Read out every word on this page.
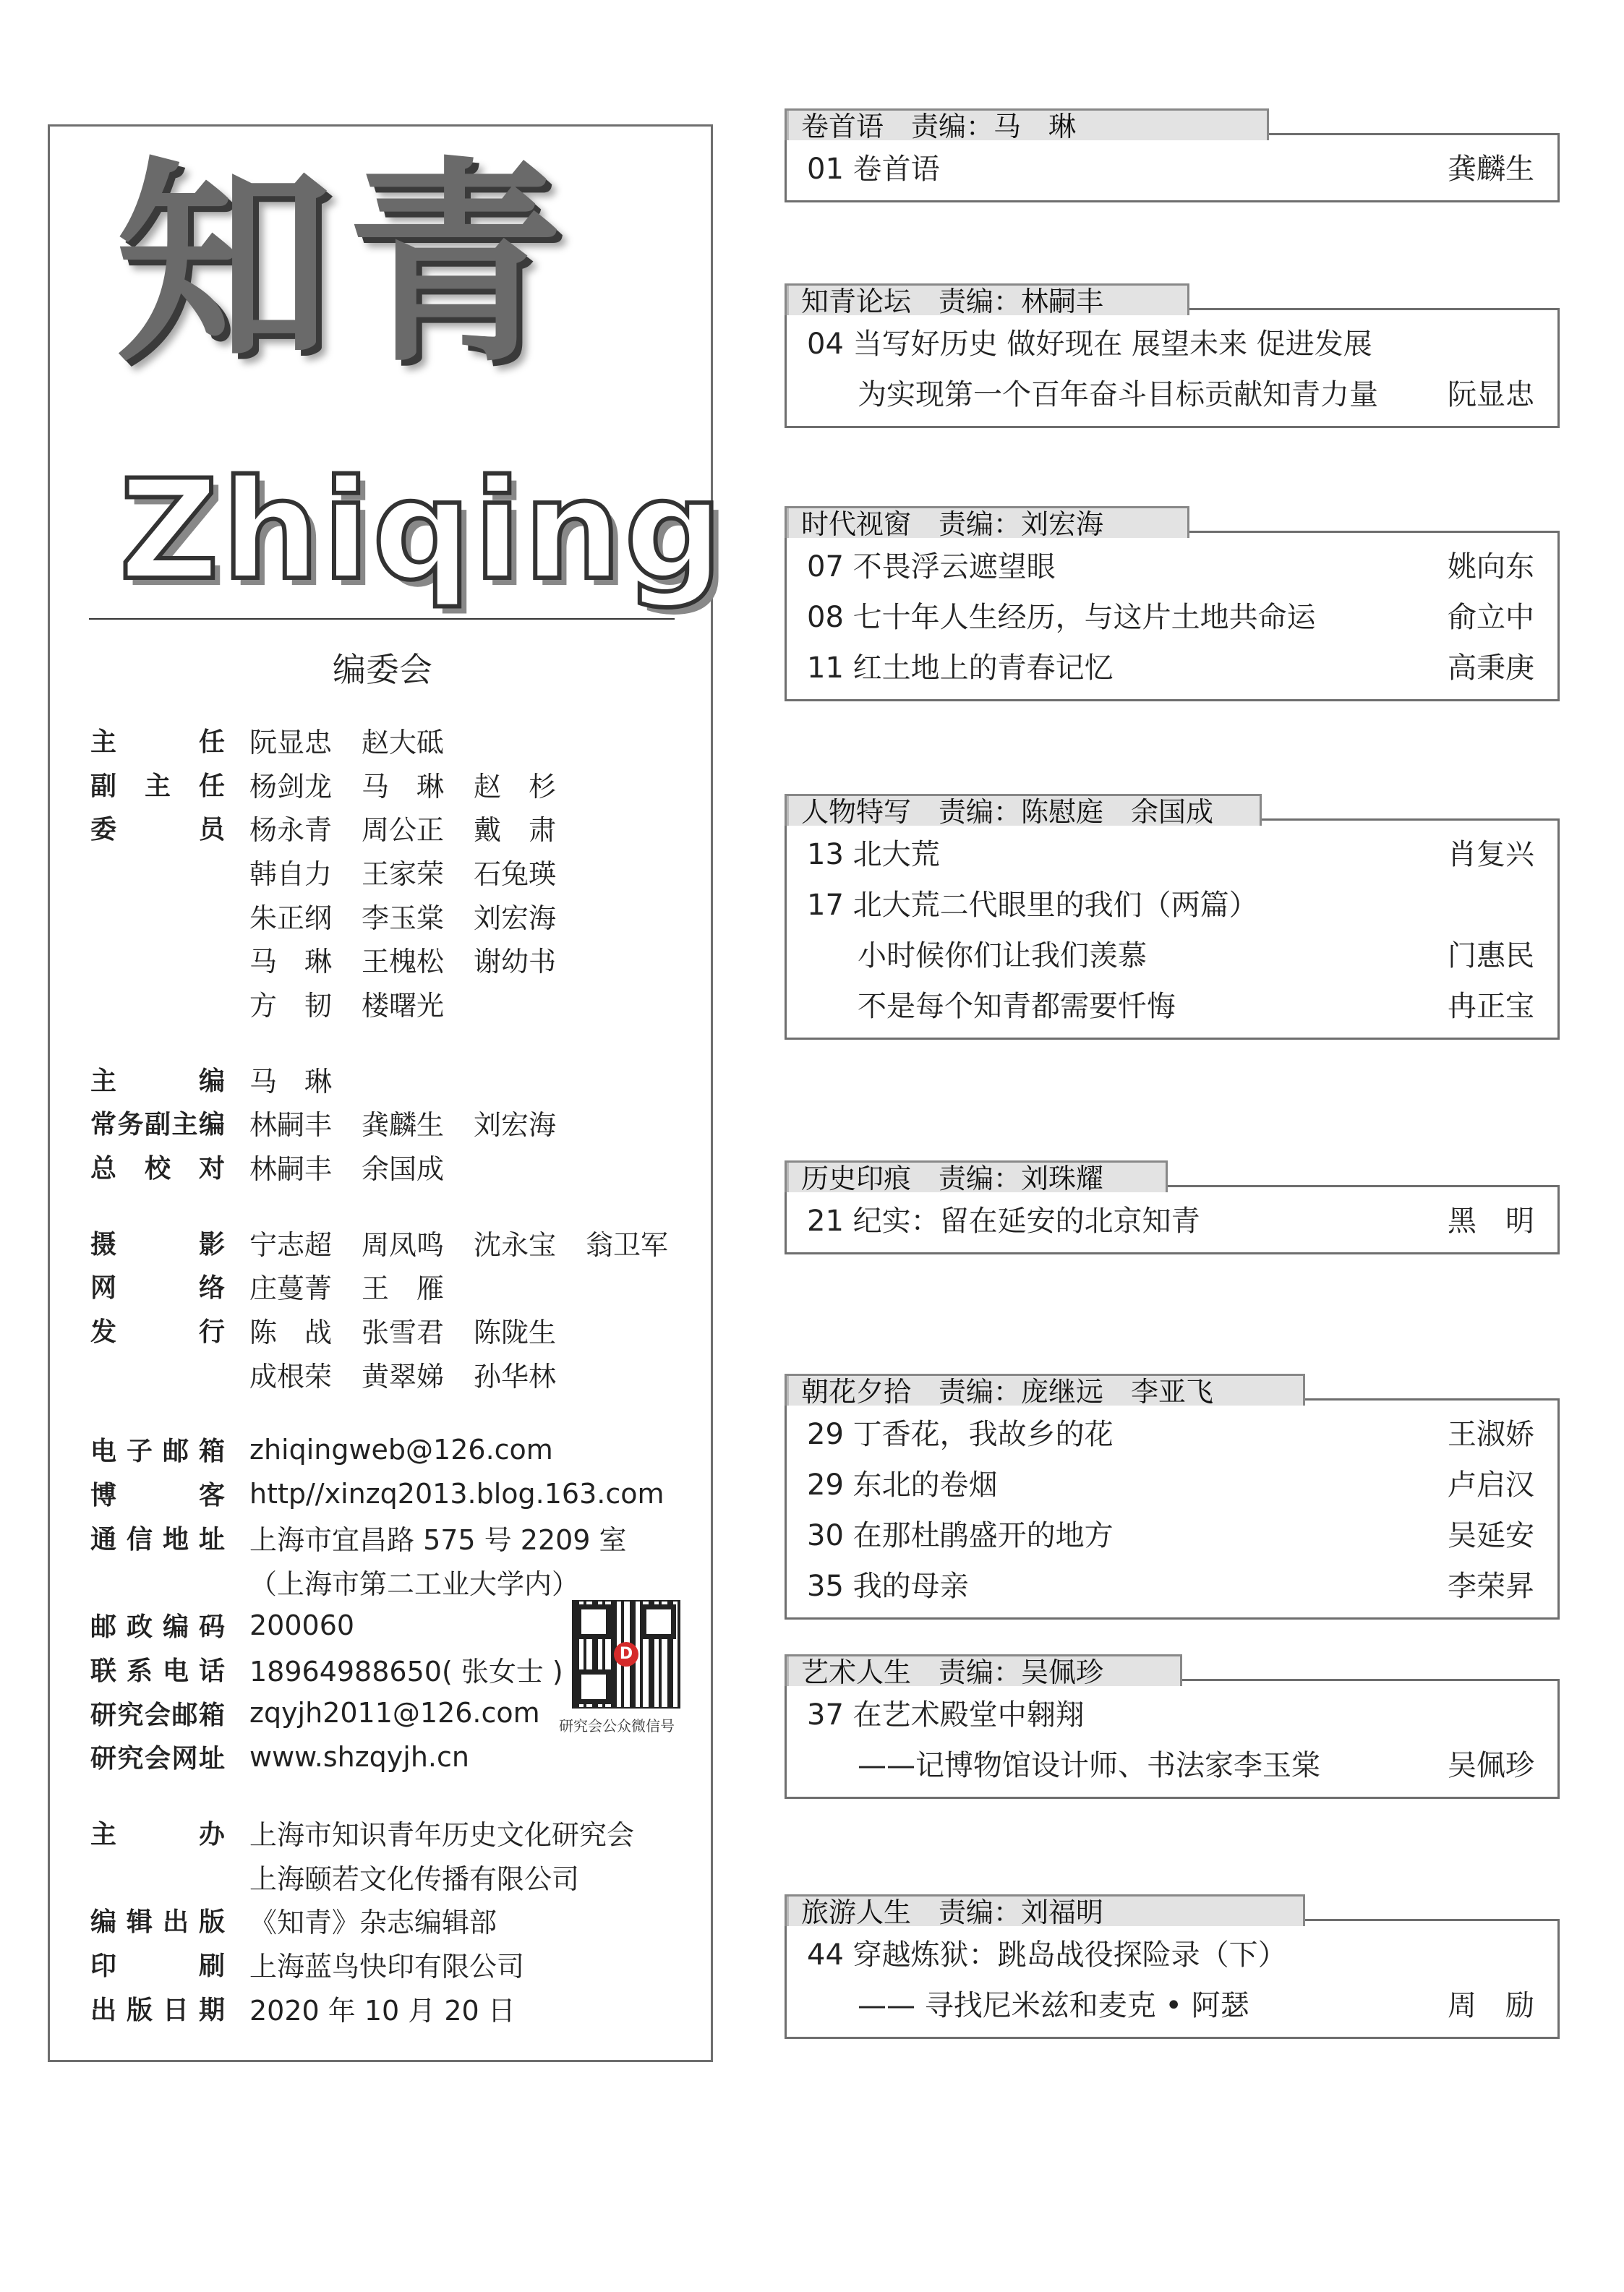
知青
Zhiqing
编委会
主任 阮显忠	赵大砥
副主任 杨剑龙	马　琳	赵　杉
委员 杨永青	周公正	戴　肃
韩自力	王家荣	石兔瑛
朱正纲	李玉棠	刘宏海
马　琳	王槐松	谢幼书
方　韧	楼曙光
主编 马　琳
常务副主编 林嗣丰	龚麟生	刘宏海
总校对 林嗣丰	余国成
摄影 宁志超	周凤鸣	沈永宝	翁卫军
网络 庄蔓菁	王　雁
发行 陈　战	张雪君	陈陇生
成根荣	黄翠娣	孙华林
电子邮箱 zhiqingweb@126.com
博客 http//xinzq2013.blog.163.com
通信地址 上海市宜昌路 575 号 2209 室
（上海市第二工业大学内）
邮政编码 200060
联系电话 18964988650( 张女士 )
研究会邮箱 zqyjh2011@126.com
研究会网址 www.shzqyjh.cn
主办 上海市知识青年历史文化研究会
上海颐若文化传播有限公司
编辑出版 《知青》杂志编辑部
印刷 上海蓝鸟快印有限公司
出版日期 2020 年 10 月 20 日
D
研究会公众微信号
01 卷首语	龚麟生
卷首语　责编：马　琳
04 当写好历史 做好现在 展望未来 促进发展
为实现第一个百年奋斗目标贡献知青力量 阮显忠
知青论坛　责编：林嗣丰
07 不畏浮云遮望眼	姚向东
08 七十年人生经历，与这片土地共命运	俞立中
11 红土地上的青春记忆	高秉庚
时代视窗　责编：刘宏海
13 北大荒	肖复兴
17 北大荒二代眼里的我们（两篇）
小时候你们让我们羡慕	门惠民
不是每个知青都需要忏悔	冉正宝
人物特写　责编：陈慰庭　余国成
21 纪实：留在延安的北京知青	黑　明
历史印痕　责编：刘珠耀
29 丁香花，我故乡的花	王淑娇
29 东北的卷烟	卢启汉
30 在那杜鹃盛开的地方	吴延安
35 我的母亲	李荣昇
朝花夕拾　责编：庞继远　李亚飞
37 在艺术殿堂中翱翔
——记博物馆设计师、书法家李玉棠	吴佩珍
艺术人生　责编：吴佩珍
44 穿越炼狱：跳岛战役探险录（下）
—— 寻找尼米兹和麦克 • 阿瑟	周　励
旅游人生　责编：刘福明
